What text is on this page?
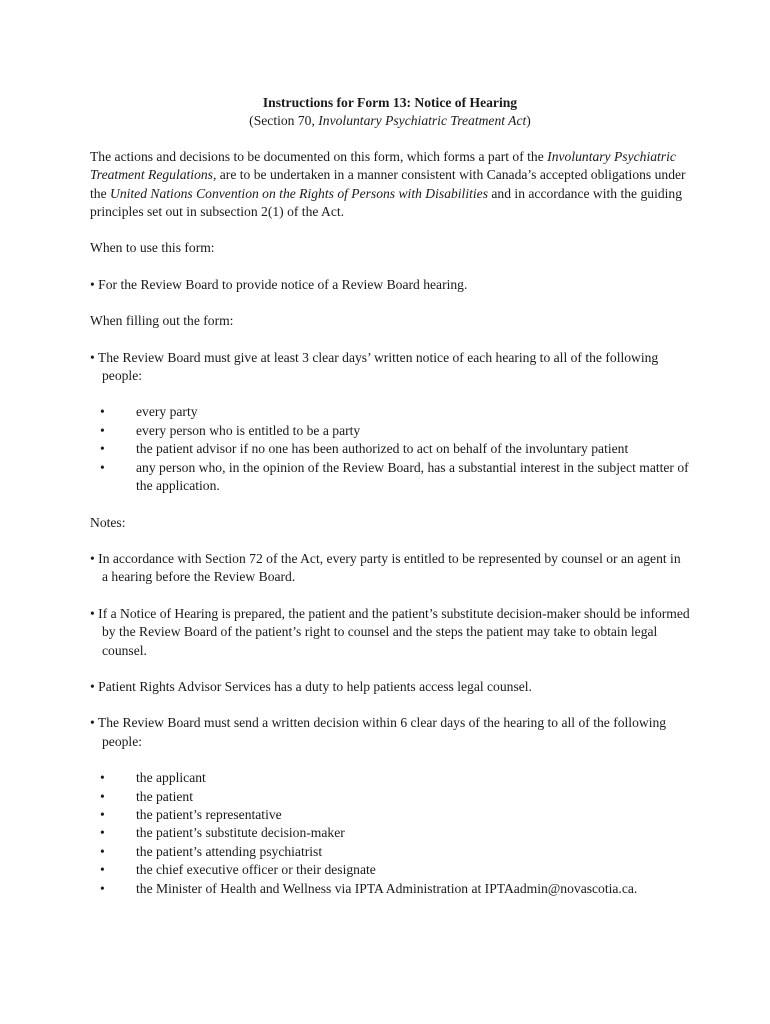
Instructions for Form 13: Notice of Hearing

(Section 70, Involuntary Psychiatric Treatment Act)

The actions and decisions to be documented on this form, which forms a part of the Involuntary Psychiatric Treatment Regulations, are to be undertaken in a manner consistent with Canada’s accepted obligations under the United Nations Convention on the Rights of Persons with Disabilities and in accordance with the guiding principles set out in subsection 2(1) of the Act.

When to use this form:

• For the Review Board to provide notice of a Review Board hearing.

When filling out the form:

• The Review Board must give at least 3 clear days’ written notice of each hearing to all of the following people:

• every party
• every person who is entitled to be a party
• the patient advisor if no one has been authorized to act on behalf of the involuntary patient
• any person who, in the opinion of the Review Board, has a substantial interest in the subject matter of the application.

Notes:

• In accordance with Section 72 of the Act, every party is entitled to be represented by counsel or an agent in a hearing before the Review Board.

• If a Notice of Hearing is prepared, the patient and the patient’s substitute decision-maker should be informed by the Review Board of the patient’s right to counsel and the steps the patient may take to obtain legal counsel.

• Patient Rights Advisor Services has a duty to help patients access legal counsel.

• The Review Board must send a written decision within 6 clear days of the hearing to all of the following people:

• the applicant
• the patient
• the patient’s representative
• the patient’s substitute decision-maker
• the patient’s attending psychiatrist
• the chief executive officer or their designate
• the Minister of Health and Wellness via IPTA Administration at IPTAadmin@novascotia.ca.
